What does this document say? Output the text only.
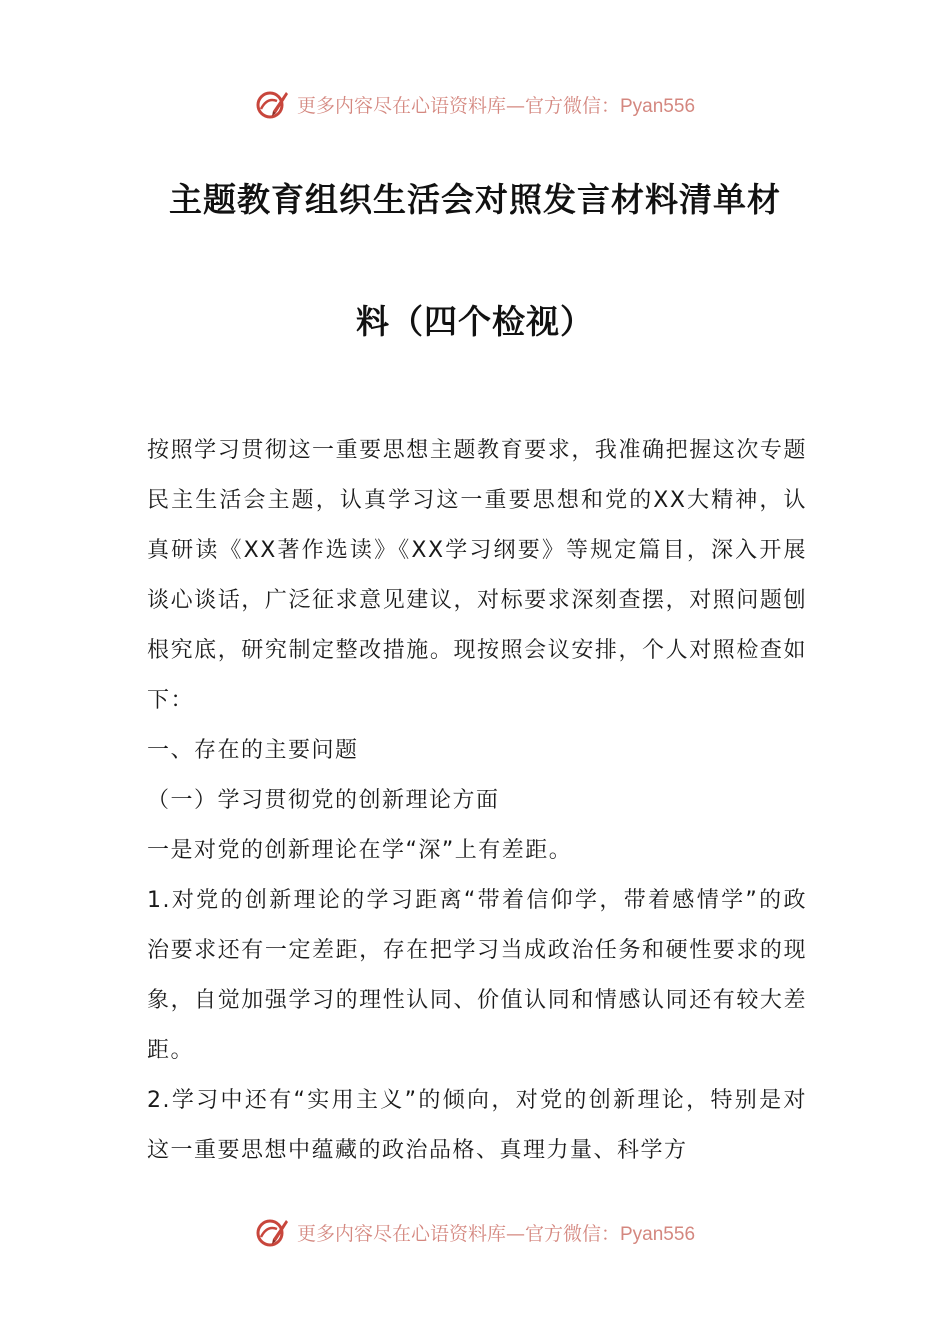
更多内容尽在心语资料库—官方微信：Pyan556
主题教育组织生活会对照发言材料清单材
料（四个检视）

按照学习贯彻这一重要思想主题教育要求，我准确把握这次专题民主生活会主题，认真学习这一重要思想和党的XX大精神，认真研读《XX著作选读》《XX学习纲要》等规定篇目，深入开展谈心谈话，广泛征求意见建议，对标要求深刻查摆，对照问题刨根究底，研究制定整改措施。现按照会议安排，个人对照检查如下：

一、存在的主要问题

（一）学习贯彻党的创新理论方面

一是对党的创新理论在学“深”上有差距。

1.对党的创新理论的学习距离“带着信仰学，带着感情学”的政治要求还有一定差距，存在把学习当成政治任务和硬性要求的现象，自觉加强学习的理性认同、价值认同和情感认同还有较大差距。

2.学习中还有“实用主义”的倾向，对党的创新理论，特别是对这一重要思想中蕴藏的政治品格、真理力量、科学方

更多内容尽在心语资料库—官方微信：Pyan556
